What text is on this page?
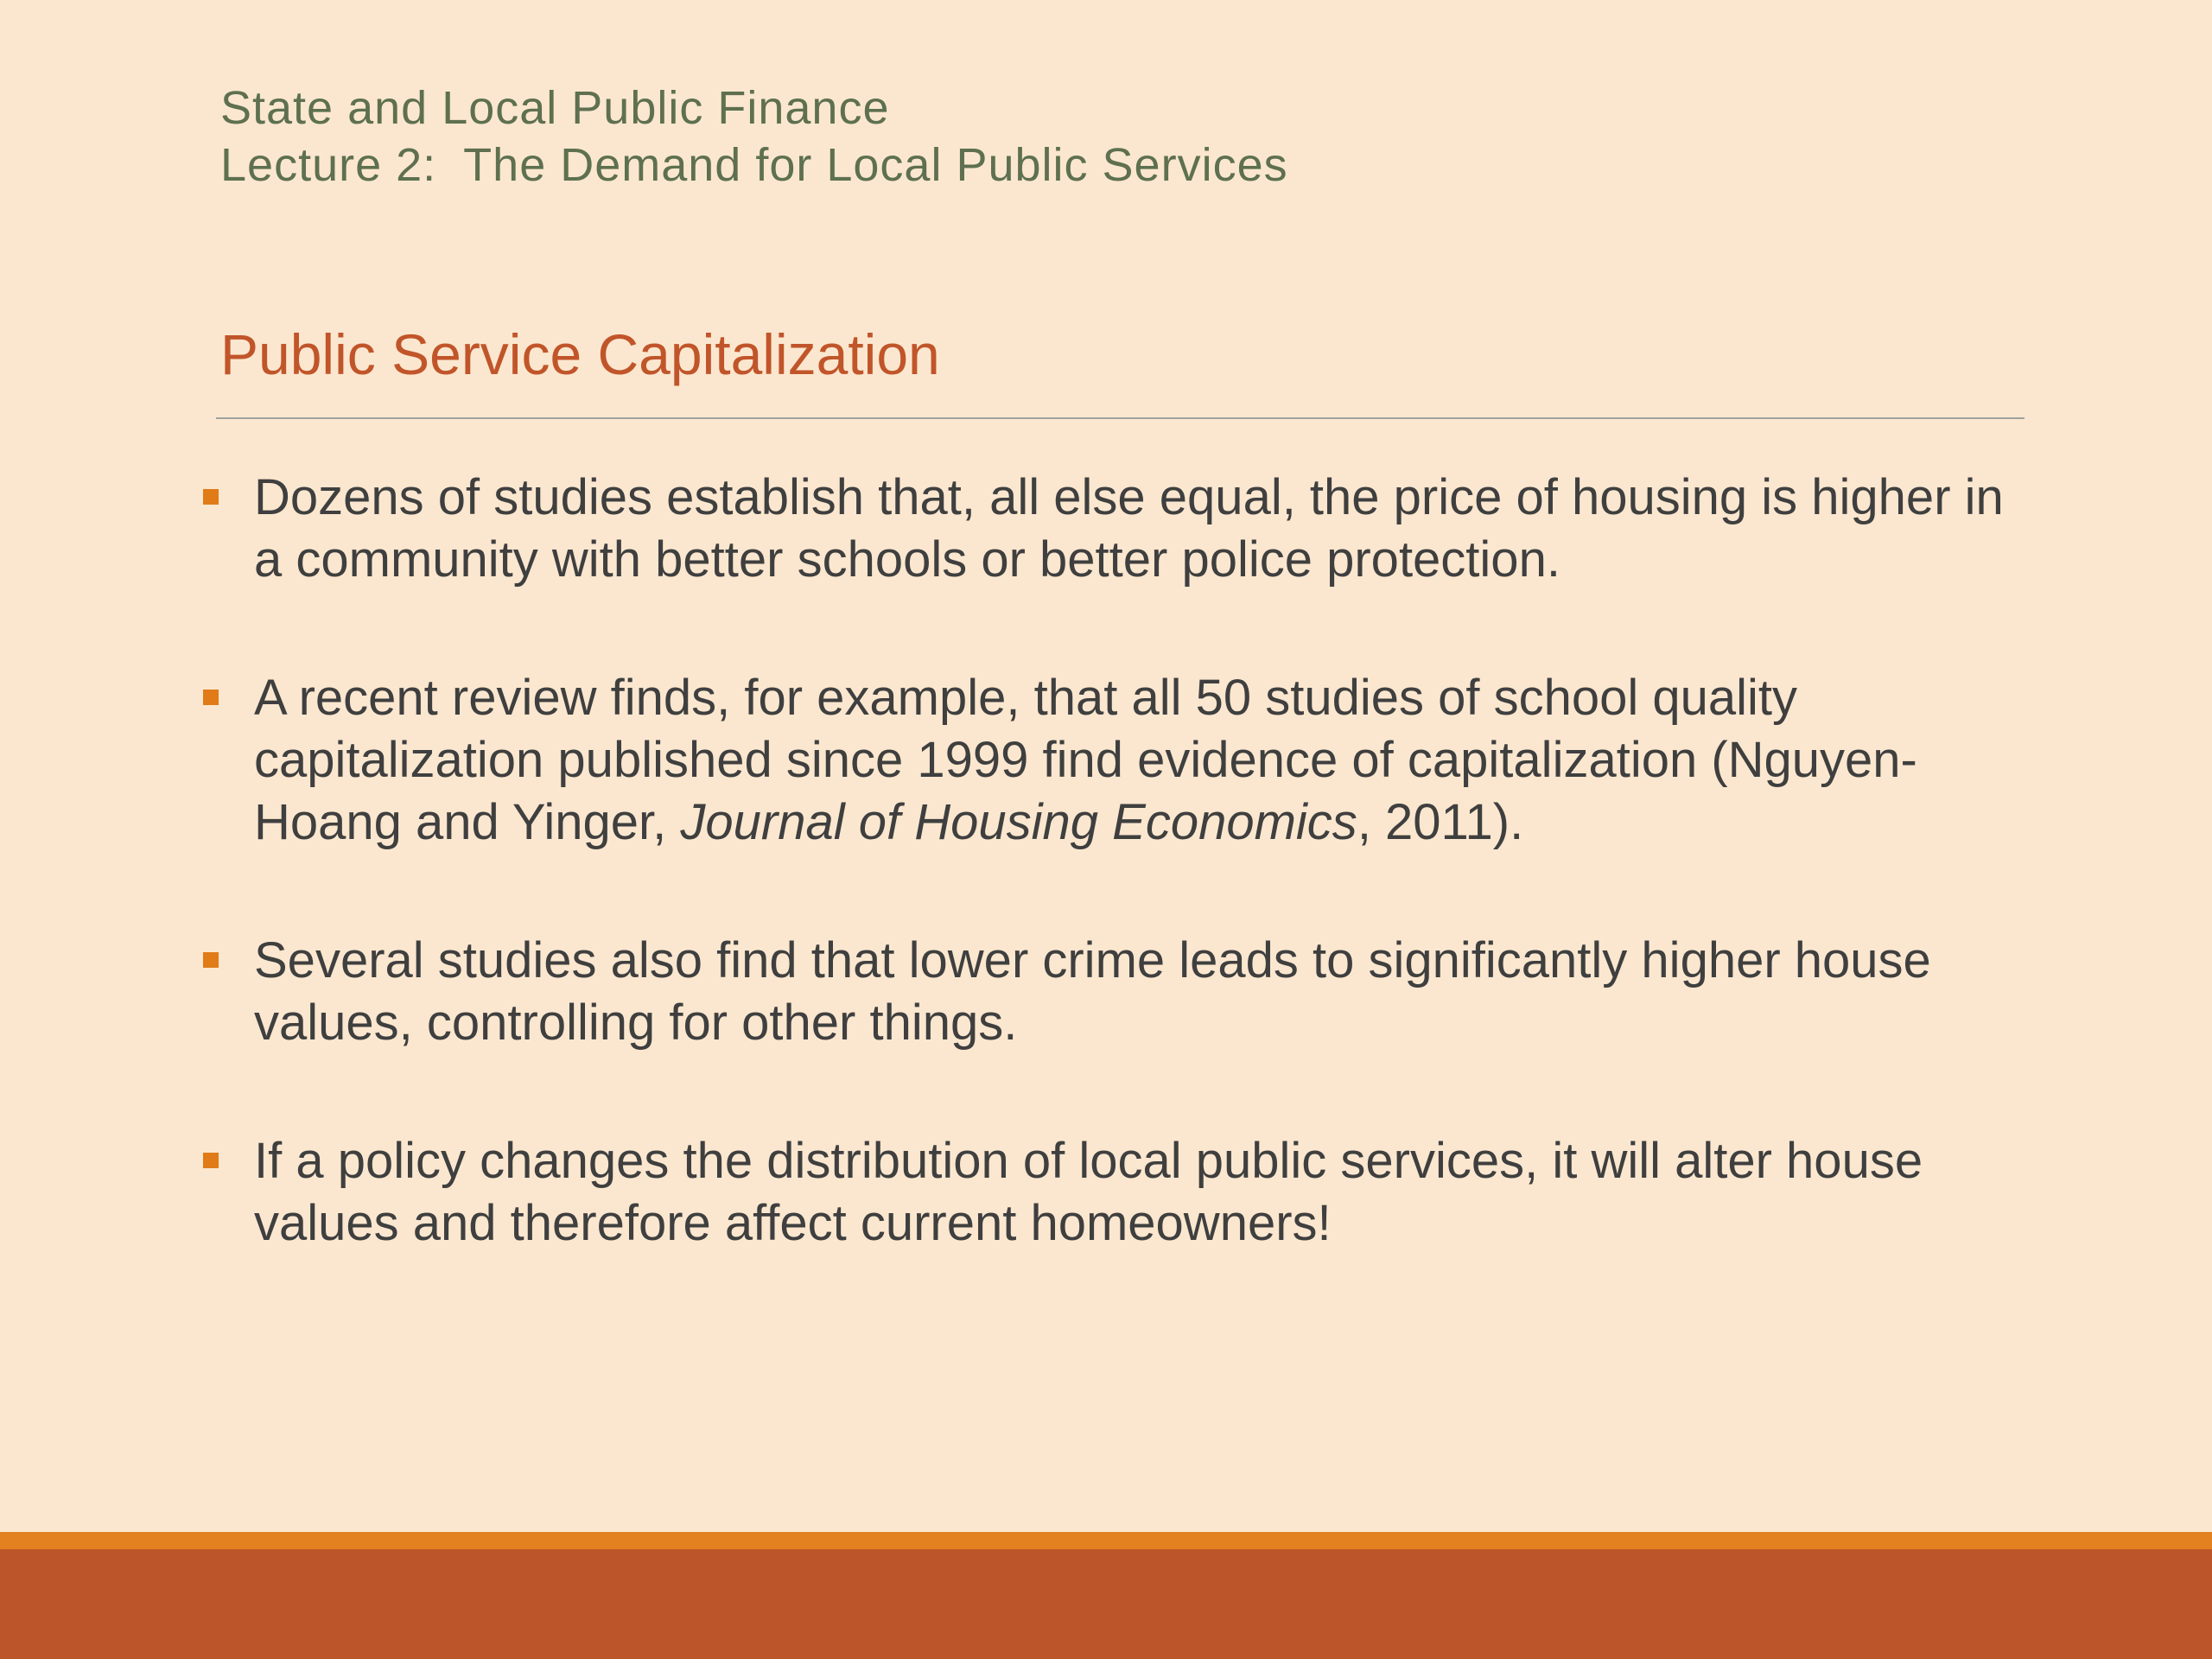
State and Local Public Finance
Lecture 2:  The Demand for Local Public Services
Public Service Capitalization
Dozens of studies establish that, all else equal, the price of housing is higher in a community with better schools or better police protection.
A recent review finds, for example, that all 50 studies of school quality capitalization published since 1999 find evidence of capitalization (Nguyen-Hoang and Yinger, Journal of Housing Economics, 2011).
Several studies also find that lower crime leads to significantly higher house values, controlling for other things.
If a policy changes the distribution of local public services, it will alter house values and therefore affect current homeowners!
